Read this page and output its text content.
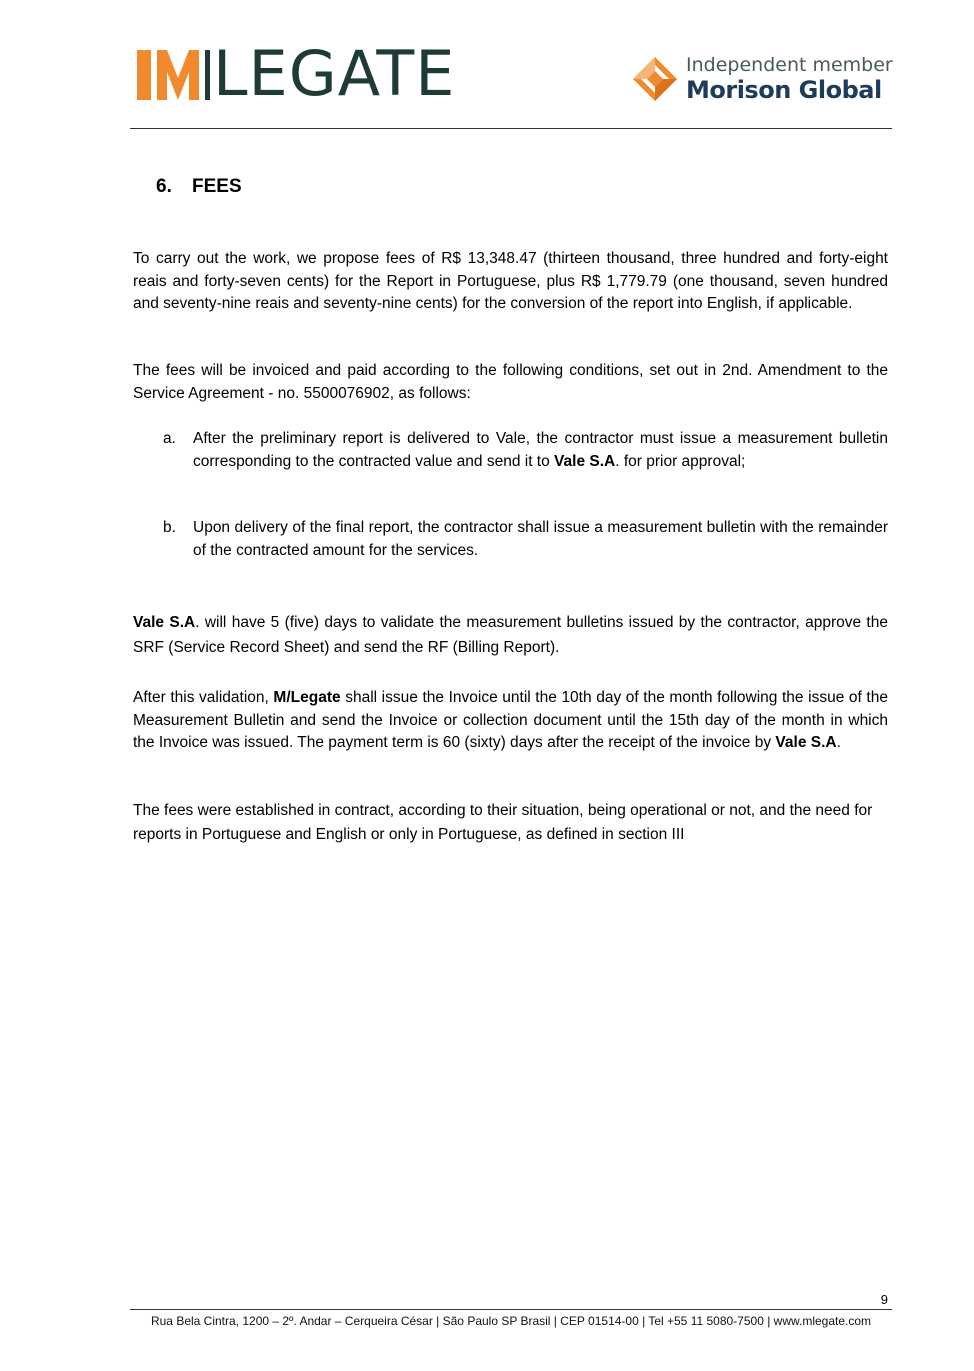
LEGATE	Independent member
Morison Global
6. FEES

To carry out the work, we propose fees of R$ 13,348.47 (thirteen thousand, three hundred and forty-eight reais and forty-seven cents) for the Report in Portuguese, plus R$ 1,779.79 (one thousand, seven hundred and seventy-nine reais and seventy-nine cents) for the conversion of the report into English, if applicable.

The fees will be invoiced and paid according to the following conditions, set out in 2nd. Amendment to the Service Agreement - no. 5500076902, as follows:

a. After the preliminary report is delivered to Vale, the contractor must issue a measurement bulletin corresponding to the contracted value and send it to Vale S.A. for prior approval;

b. Upon delivery of the final report, the contractor shall issue a measurement bulletin with the remainder of the contracted amount for the services.

Vale S.A. will have 5 (five) days to validate the measurement bulletins issued by the contractor, approve the SRF (Service Record Sheet) and send the RF (Billing Report).

After this validation, M/Legate shall issue the Invoice until the 10th day of the month following the issue of the Measurement Bulletin and send the Invoice or collection document until the 15th day of the month in which the Invoice was issued. The payment term is 60 (sixty) days after the receipt of the invoice by Vale S.A.

The fees were established in contract, according to their situation, being operational or not, and the need for reports in Portuguese and English or only in Portuguese, as defined in section III

9
Rua Bela Cintra, 1200 – 2º. Andar – Cerqueira César | São Paulo SP Brasil | CEP 01514-00 | Tel +55 11 5080-7500 | www.mlegate.com
